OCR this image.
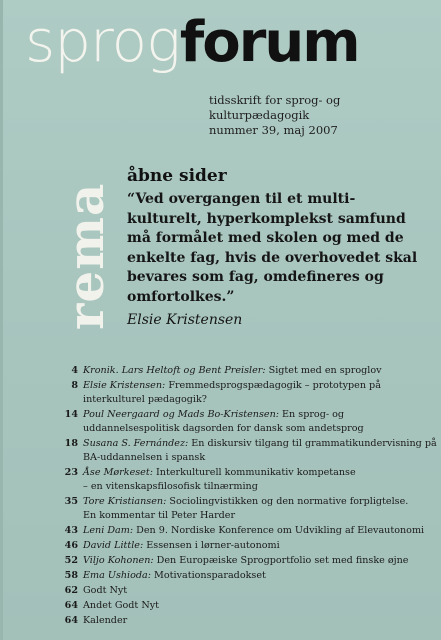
sprogforum
tidsskrift for sprog- og kulturpædagogik
nummer 39, maj 2007
rema
åbne sider

“Ved overgangen til et multi-kulturelt, hyperkomplekst samfund må formålet med skolen og med de enkelte fag, hvis de overhovedet skal bevares som fag, omdefineres og omfortolkes.”

Elsie Kristensen
4 Kronik. Lars Heltoft og Bent Preisler: Sigtet med en sproglov
8 Elsie Kristensen: Fremmedsprogspædagogik – prototypen på interkulturel pædagogik?
14 Poul Neergaard og Mads Bo-Kristensen: En sprog- og uddannelsespolitisk dagsorden for dansk som andetsprog
18 Susana S. Fernández: En diskursiv tilgang til grammatikundervisning på BA-uddannelsen i spansk
23 Åse Mørkeset: Interkulturell kommunikativ kompetanse
– en vitenskapsfilosofisk tilnærming
35 Tore Kristiansen: Sociolingvistikken og den normative forpligtelse.
En kommentar til Peter Harder
43 Leni Dam: Den 9. Nordiske Konference om Udvikling af Elevautonomi
46 David Little: Essensen i lørner-autonomi
52 Viljo Kohonen: Den Europæiske Sprogportfolio set med finske øjne
58 Ema Ushioda: Motivationsparadokset
62 Godt Nyt
64 Andet Godt Nyt
64 Kalender
